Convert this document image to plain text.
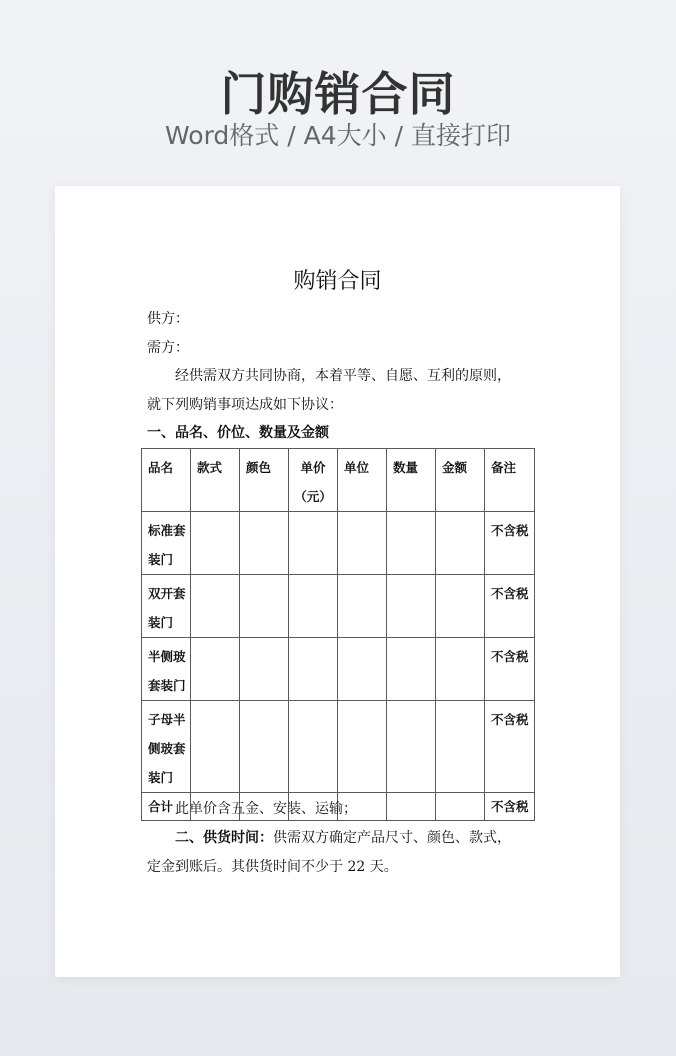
门购销合同
Word格式 / A4大小 / 直接打印
购销合同
供方：
需方：
经供需双方共同协商，本着平等、自愿、互利的原则，
就下列购销事项达成如下协议：
一、品名、价位、数量及金额
品名	款式	颜色	单价（元）	单位	数量	金额	备注
标准套装门							不含税
双开套装门							不含税
半侧玻套装门							不含税
子母半侧玻套装门							不含税
合计							不含税
此单价含五金、安装、运输；
二、供货时间：供需双方确定产品尺寸、颜色、款式，
定金到账后。其供货时间不少于 22 天。
